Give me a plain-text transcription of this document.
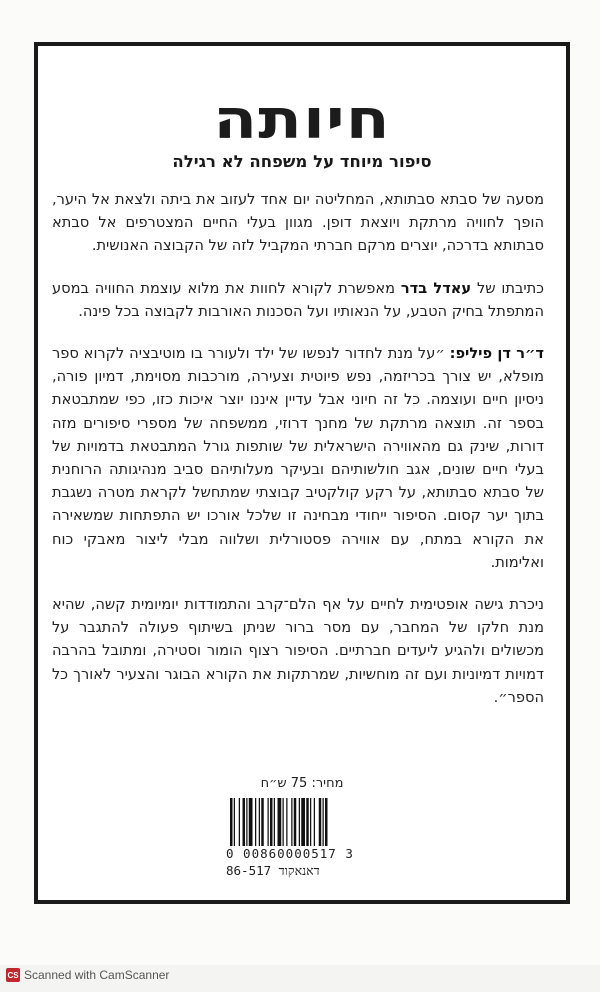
חיותה
סיפור מיוחד על משפחה לא רגילה

מסעה של סבתא סבתותא, המחליטה יום אחד לעזוב את ביתה ולצאת אל היער, הופך לחוויה מרתקת ויוצאת דופן. מגוון בעלי החיים המצטרפים אל סבתא סבתותא בדרכה, יוצרים מרקם חברתי המקביל לזה של הקבוצה האנושית.

כתיבתו של עאדל בדר מאפשרת לקורא לחוות את מלוא עוצמת החוויה במסע המתפתל בחיק הטבע, על הנאותיו ועל הסכנות האורבות לקבוצה בכל פינה.

ד״ר דן פיליפ: ״על מנת לחדור לנפשו של ילד ולעורר בו מוטיבציה לקרוא ספר מופלא, יש צורך בכריזמה, נפש פיוטית וצעירה, מורכבות מסוימת, דמיון פורה, ניסיון חיים ועוצמה. כל זה חיוני אבל עדיין איננו יוצר איכות כזו, כפי שמתבטאת בספר זה. תוצאה מרתקת של מחנך דרוזי, ממשפחה של מספרי סיפורים מזה דורות, שינק גם מהאווירה הישראלית של שותפות גורל המתבטאת בדמויות של בעלי חיים שונים, אגב חולשותיהם ובעיקר מעלותיהם סביב מנהיגותה הרוחנית של סבתא סבתותא, על רקע קולקטיב קבוצתי שמתחשל לקראת מטרה נשגבת בתוך יער קסום. הסיפור ייחודי מבחינה זו שלכל אורכו יש התפתחות שמשאירה את הקורא במתח, עם אווירה פסטורלית ושלווה מבלי ליצור מאבקי כוח ואלימות.

ניכרת גישה אופטימית לחיים על אף הלם־קרב והתמודדות יומיומית קשה, שהיא מנת חלקו של המחבר, עם מסר ברור שניתן בשיתוף פעולה להתגבר על מכשולים ולהגיע ליעדים חברתיים. הסיפור רצוף הומור וסטירה, ומתובל בהרבה דמויות דמיוניות ועם זה מוחשיות, שמרתקות את הקורא הבוגר והצעיר לאורך כל הספר״.

מחיר: 75 ש״ח
0 00860000517 3
דאנאקוד 86-517
CS Scanned with CamScanner
